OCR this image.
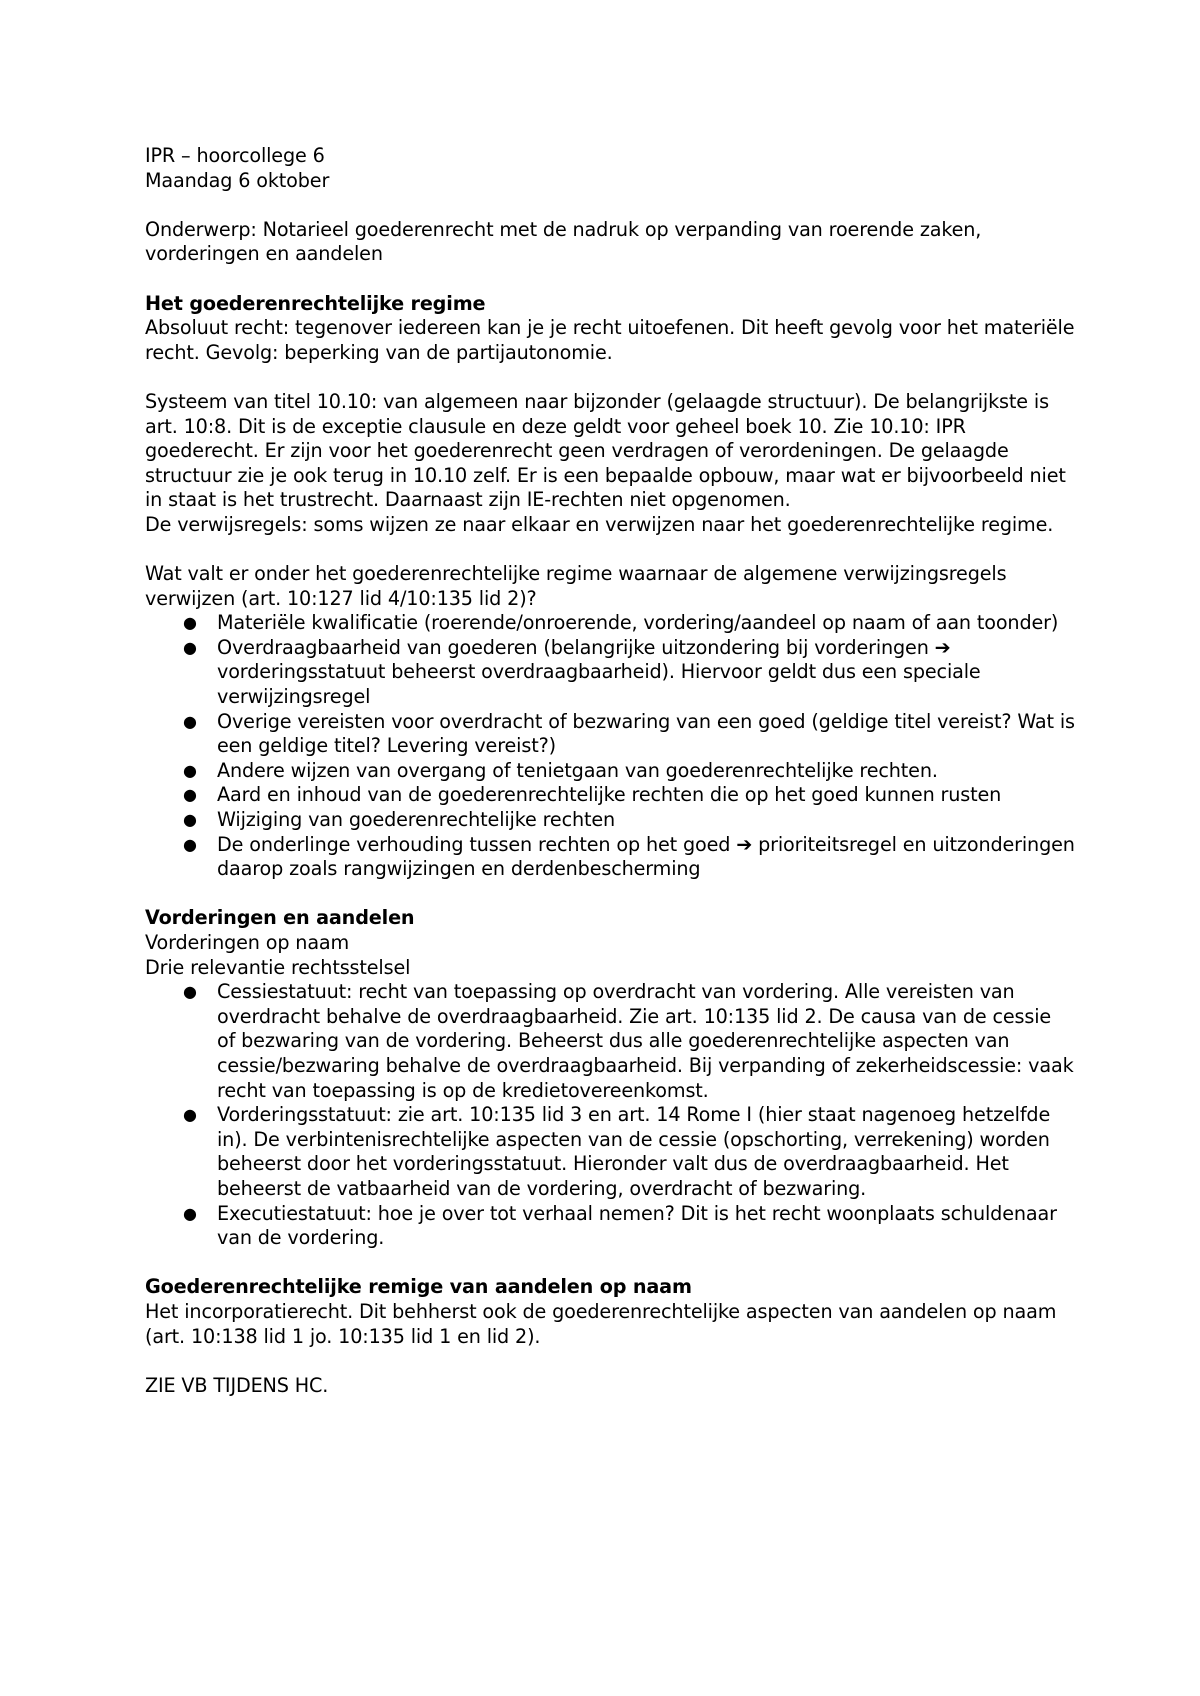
IPR – hoorcollege 6

Maandag 6 oktober

Onderwerp: Notarieel goederenrecht met de nadruk op verpanding van roerende zaken, vorderingen en aandelen

Het goederenrechtelijke regime

Absoluut recht: tegenover iedereen kan je je recht uitoefenen. Dit heeft gevolg voor het materiële recht. Gevolg: beperking van de partijautonomie.

Systeem van titel 10.10: van algemeen naar bijzonder (gelaagde structuur). De belangrijkste is art. 10:8. Dit is de exceptie clausule en deze geldt voor geheel boek 10. Zie 10.10: IPR goederecht. Er zijn voor het goederenrecht geen verdragen of verordeningen. De gelaagde structuur zie je ook terug in 10.10 zelf. Er is een bepaalde opbouw, maar wat er bijvoorbeeld niet in staat is het trustrecht. Daarnaast zijn IE-rechten niet opgenomen.

De verwijsregels: soms wijzen ze naar elkaar en verwijzen naar het goederenrechtelijke regime.

Wat valt er onder het goederenrechtelijke regime waarnaar de algemene verwijzingsregels verwijzen (art. 10:127 lid 4/10:135 lid 2)?

● Materiële kwalificatie (roerende/onroerende, vordering/aandeel op naam of aan toonder)
● Overdraagbaarheid van goederen (belangrijke uitzondering bij vorderingen ➔ vorderingsstatuut beheerst overdraagbaarheid). Hiervoor geldt dus een speciale verwijzingsregel
● Overige vereisten voor overdracht of bezwaring van een goed (geldige titel vereist? Wat is een geldige titel? Levering vereist?)
● Andere wijzen van overgang of tenietgaan van goederenrechtelijke rechten.
● Aard en inhoud van de goederenrechtelijke rechten die op het goed kunnen rusten
● Wijziging van goederenrechtelijke rechten
● De onderlinge verhouding tussen rechten op het goed ➔ prioriteitsregel en uitzonderingen daarop zoals rangwijzingen en derdenbescherming

Vorderingen en aandelen

Vorderingen op naam

Drie relevantie rechtsstelsel

● Cessiestatuut: recht van toepassing op overdracht van vordering. Alle vereisten van overdracht behalve de overdraagbaarheid. Zie art. 10:135 lid 2. De causa van de cessie of bezwaring van de vordering. Beheerst dus alle goederenrechtelijke aspecten van cessie/bezwaring behalve de overdraagbaarheid. Bij verpanding of zekerheidscessie: vaak recht van toepassing is op de kredietovereenkomst.
● Vorderingsstatuut: zie art. 10:135 lid 3 en art. 14 Rome I (hier staat nagenoeg hetzelfde in). De verbintenisrechtelijke aspecten van de cessie (opschorting, verrekening) worden beheerst door het vorderingsstatuut. Hieronder valt dus de overdraagbaarheid. Het beheerst de vatbaarheid van de vordering, overdracht of bezwaring.
● Executiestatuut: hoe je over tot verhaal nemen? Dit is het recht woonplaats schuldenaar van de vordering.

Goederenrechtelijke remige van aandelen op naam

Het incorporatierecht. Dit behherst ook de goederenrechtelijke aspecten van aandelen op naam (art. 10:138 lid 1 jo. 10:135 lid 1 en lid 2).

ZIE VB TIJDENS HC.
